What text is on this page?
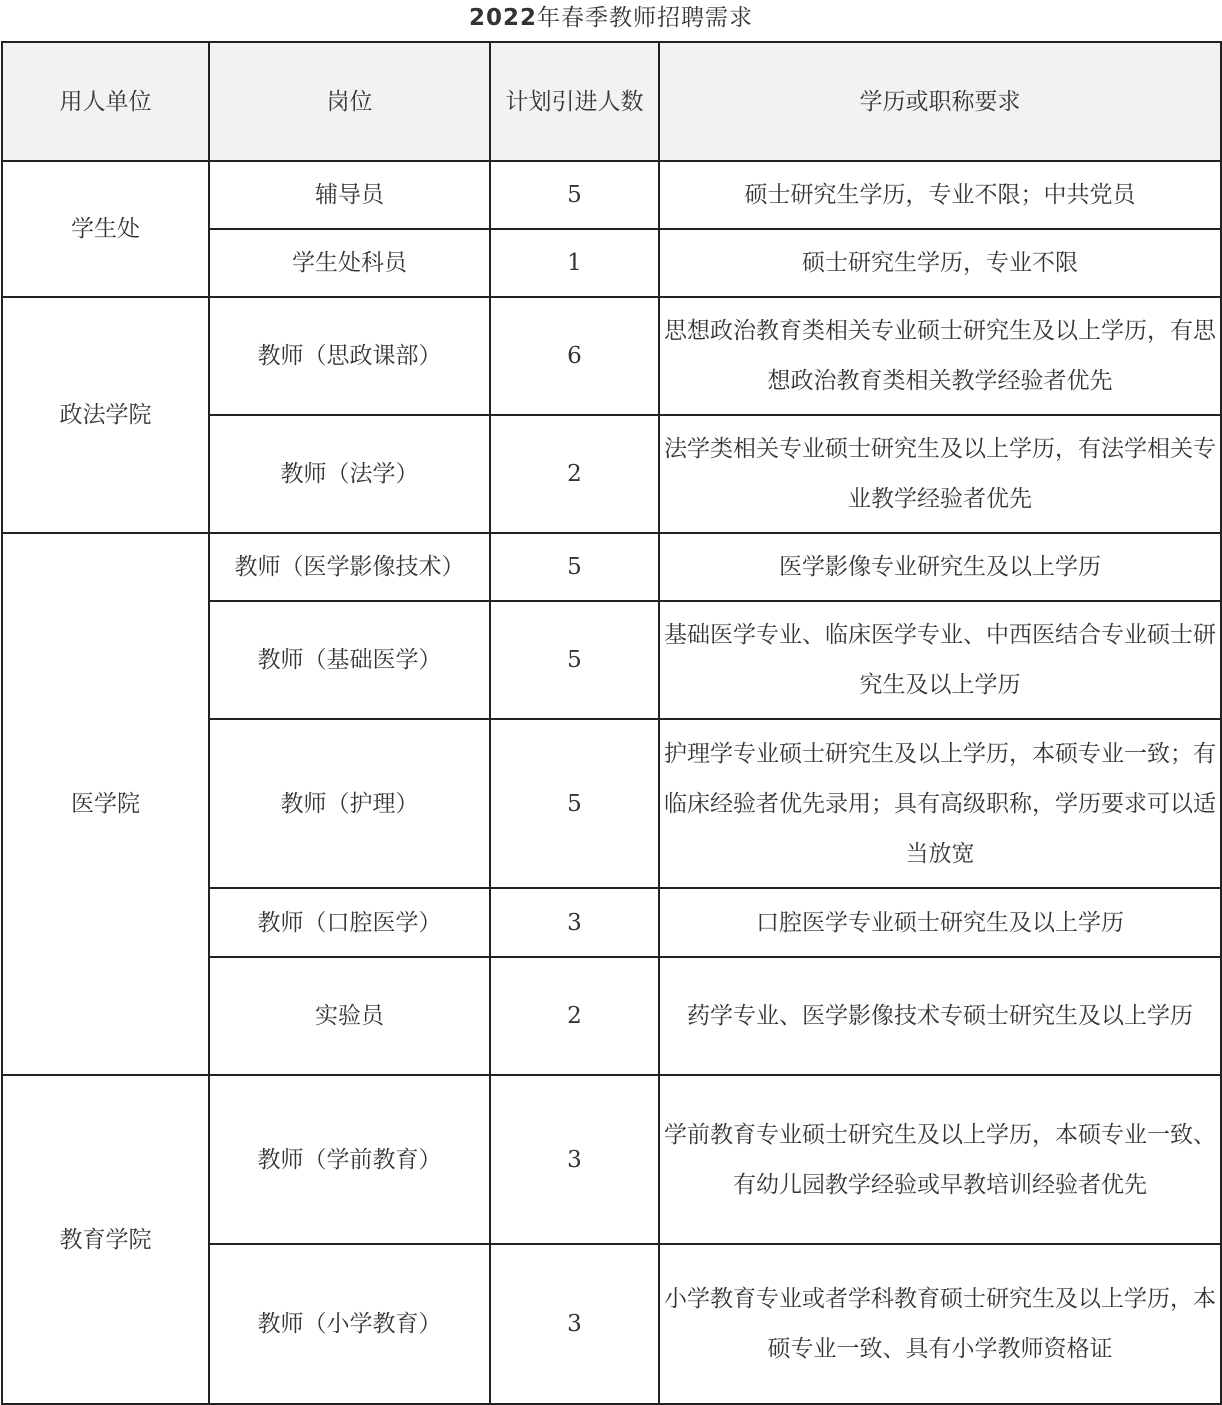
2022年春季教师招聘需求
用人单位	岗位	计划引进人数	学历或职称要求
学生处	辅导员	5	硕士研究生学历，专业不限；中共党员
	学生处科员	1	硕士研究生学历，专业不限
政法学院	教师（思政课部）	6	思想政治教育类相关专业硕士研究生及以上学历，有思想政治教育类相关教学经验者优先
	教师（法学）	2	法学类相关专业硕士研究生及以上学历，有法学相关专业教学经验者优先
医学院	教师（医学影像技术）	5	医学影像专业研究生及以上学历
	教师（基础医学）	5	基础医学专业、临床医学专业、中西医结合专业硕士研究生及以上学历
	教师（护理）	5	护理学专业硕士研究生及以上学历，本硕专业一致；有临床经验者优先录用；具有高级职称，学历要求可以适当放宽
	教师（口腔医学）	3	口腔医学专业硕士研究生及以上学历
	实验员	2	药学专业、医学影像技术专硕士研究生及以上学历
教育学院	教师（学前教育）	3	学前教育专业硕士研究生及以上学历，本硕专业一致、有幼儿园教学经验或早教培训经验者优先
	教师（小学教育）	3	小学教育专业或者学科教育硕士研究生及以上学历，本硕专业一致、具有小学教师资格证
